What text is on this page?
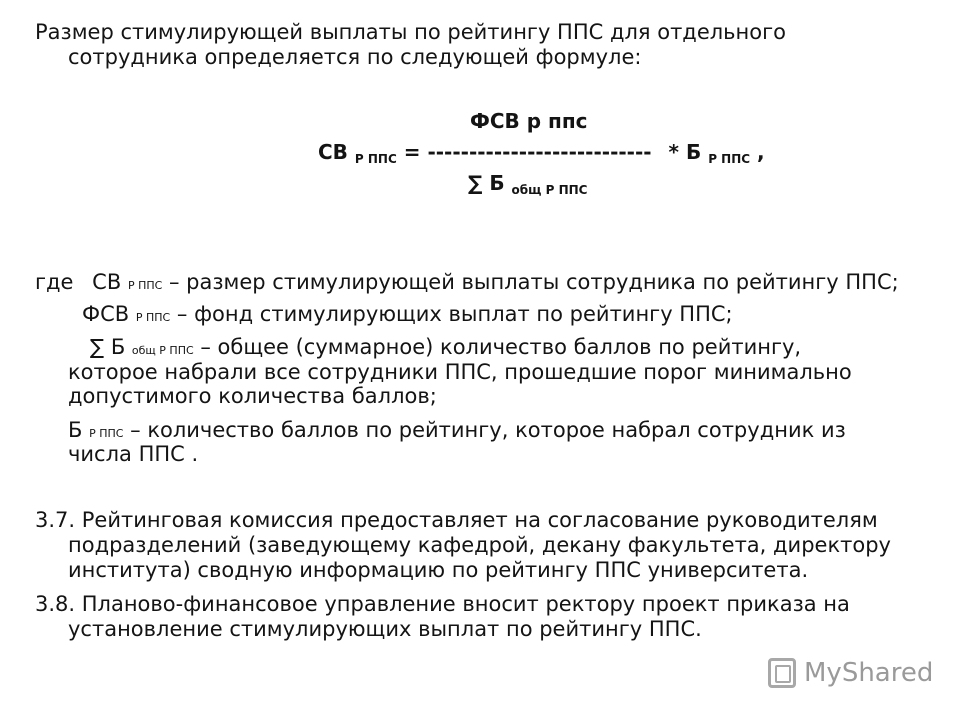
Размер стимулирующей выплаты по рейтингу ППС для отдельного
сотрудника определяется по следующей формуле:
ФСВ р ппс
СВ $_{Р ППС}$ = --------------------------- * Б $_{Р ППС}$ ,
∑ Б $_{общ Р ППС}$
где СВ Р ППС – размер стимулирующей выплаты сотрудника по рейтингу ППС;
ФСВ Р ППС – фонд стимулирующих выплат по рейтингу ППС;
∑ Б общ Р ППС – общее (суммарное) количество баллов по рейтингу,
которое набрали все сотрудники ППС, прошедшие порог минимально
допустимого количества баллов;
Б Р ППС – количество баллов по рейтингу, которое набрал сотрудник из
числа ППС .
3.7. Рейтинговая комиссия предоставляет на согласование руководителям
подразделений (заведующему кафедрой, декану факультета, директору
института) сводную информацию по рейтингу ППС университета.
3.8. Планово-финансовое управление вносит ректору проект приказа на
установление стимулирующих выплат по рейтингу ППС.
MyShared
